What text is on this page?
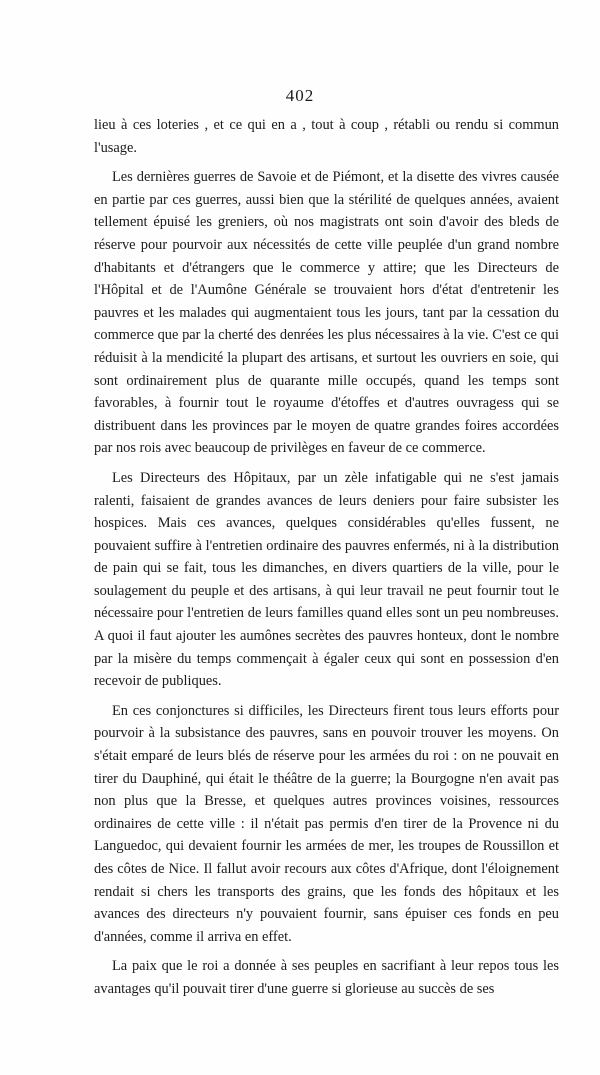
402

lieu à ces loteries , et ce qui en a , tout à coup , rétabli ou rendu si commun l'usage.

Les dernières guerres de Savoie et de Piémont, et la disette des vivres causée en partie par ces guerres, aussi bien que la stérilité de quelques années, avaient tellement épuisé les greniers, où nos magistrats ont soin d'avoir des bleds de réserve pour pourvoir aux nécessités de cette ville peuplée d'un grand nombre d'habitants et d'étrangers que le commerce y attire; que les Directeurs de l'Hôpital et de l'Aumône Générale se trouvaient hors d'état d'entretenir les pauvres et les malades qui augmentaient tous les jours, tant par la cessation du commerce que par la cherté des denrées les plus nécessaires à la vie. C'est ce qui réduisit à la mendicité la plupart des artisans, et surtout les ouvriers en soie, qui sont ordinairement plus de quarante mille occupés, quand les temps sont favorables, à fournir tout le royaume d'étoffes et d'autres ouvragess qui se distribuent dans les provinces par le moyen de quatre grandes foires accordées par nos rois avec beaucoup de privilèges en faveur de ce commerce.

Les Directeurs des Hôpitaux, par un zèle infatigable qui ne s'est jamais ralenti, faisaient de grandes avances de leurs deniers pour faire subsister les hospices. Mais ces avances, quelques considérables qu'elles fussent, ne pouvaient suffire à l'entretien ordinaire des pauvres enfermés, ni à la distribution de pain qui se fait, tous les dimanches, en divers quartiers de la ville, pour le soulagement du peuple et des artisans, à qui leur travail ne peut fournir tout le nécessaire pour l'entretien de leurs familles quand elles sont un peu nombreuses. A quoi il faut ajouter les aumônes secrètes des pauvres honteux, dont le nombre par la misère du temps commençait à égaler ceux qui sont en possession d'en recevoir de publiques.

En ces conjonctures si difficiles, les Directeurs firent tous leurs efforts pour pourvoir à la subsistance des pauvres, sans en pouvoir trouver les moyens. On s'était emparé de leurs blés de réserve pour les armées du roi : on ne pouvait en tirer du Dauphiné, qui était le théâtre de la guerre; la Bourgogne n'en avait pas non plus que la Bresse, et quelques autres provinces voisines, ressources ordinaires de cette ville : il n'était pas permis d'en tirer de la Provence ni du Languedoc, qui devaient fournir les armées de mer, les troupes de Roussillon et des côtes de Nice. Il fallut avoir recours aux côtes d'Afrique, dont l'éloignement rendait si chers les transports des grains, que les fonds des hôpitaux et les avances des directeurs n'y pouvaient fournir, sans épuiser ces fonds en peu d'années, comme il arriva en effet.

La paix que le roi a donnée à ses peuples en sacrifiant à leur repos tous les avantages qu'il pouvait tirer d'une guerre si glorieuse au succès de ses
